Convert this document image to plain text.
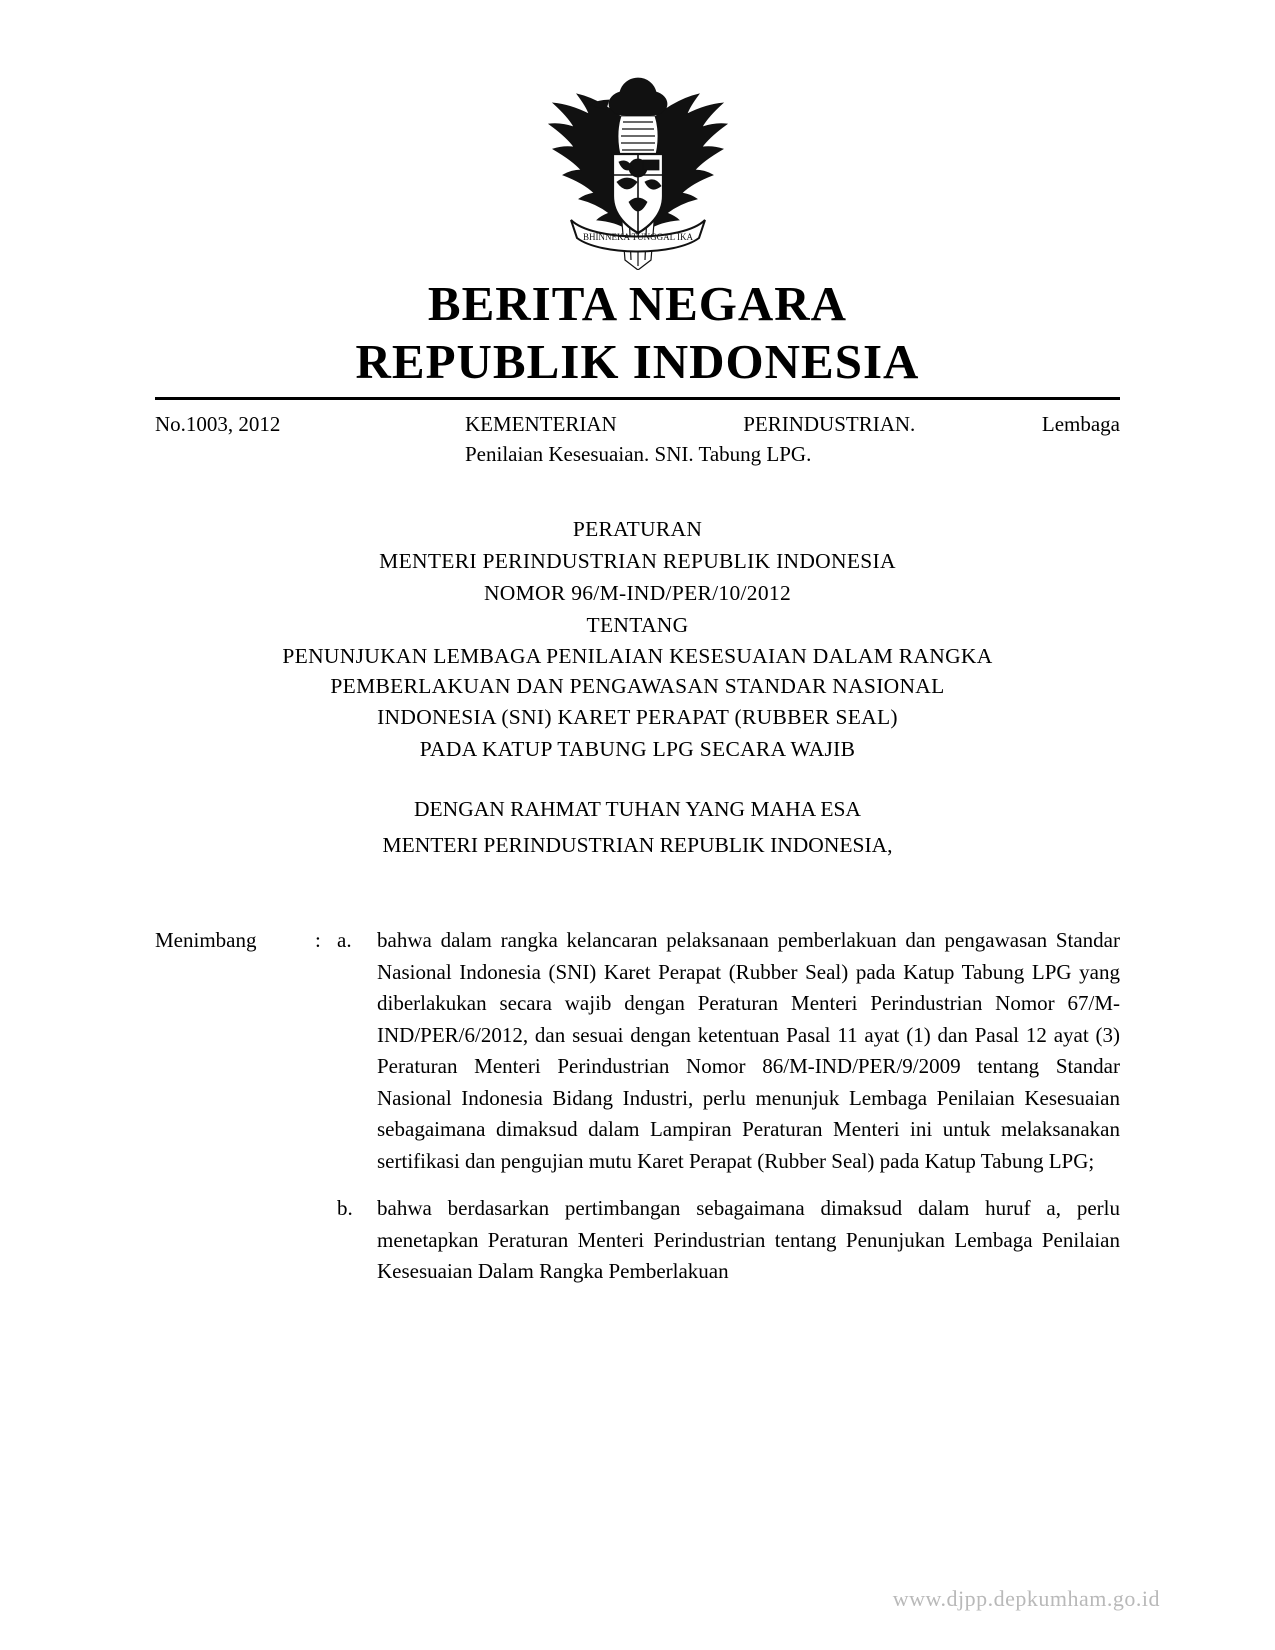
BHINNEKA TUNGGAL IKA
BERITA NEGARA
REPUBLIK INDONESIA
No.1003, 2012	KEMENTERIAN PERINDUSTRIAN. Lembaga
Penilaian Kesesuaian. SNI. Tabung LPG.
PERATURAN
MENTERI PERINDUSTRIAN REPUBLIK INDONESIA
NOMOR 96/M-IND/PER/10/2012
TENTANG
PENUNJUKAN LEMBAGA PENILAIAN KESESUAIAN DALAM RANGKA
PEMBERLAKUAN DAN PENGAWASAN STANDAR NASIONAL
INDONESIA (SNI) KARET PERAPAT (RUBBER SEAL)
PADA KATUP TABUNG LPG SECARA WAJIB
DENGAN RAHMAT TUHAN YANG MAHA ESA
MENTERI PERINDUSTRIAN REPUBLIK INDONESIA,
Menimbang	: a.	bahwa dalam rangka kelancaran pelaksanaan pemberlakuan dan pengawasan Standar Nasional Indonesia (SNI) Karet Perapat (Rubber Seal) pada Katup Tabung LPG yang diberlakukan secara wajib dengan Peraturan Menteri Perindustrian Nomor 67/M-IND/PER/6/2012, dan sesuai dengan ketentuan Pasal 11 ayat (1) dan Pasal 12 ayat (3) Peraturan Menteri Perindustrian Nomor 86/M-IND/PER/9/2009 tentang Standar Nasional Indonesia Bidang Industri, perlu menunjuk Lembaga Penilaian Kesesuaian sebagaimana dimaksud dalam Lampiran Peraturan Menteri ini untuk melaksanakan sertifikasi dan pengujian mutu Karet Perapat (Rubber Seal) pada Katup Tabung LPG;
b.	bahwa berdasarkan pertimbangan sebagaimana dimaksud dalam huruf a, perlu menetapkan Peraturan Menteri Perindustrian tentang Penunjukan Lembaga Penilaian Kesesuaian Dalam Rangka Pemberlakuan
www.djpp.depkumham.go.id
